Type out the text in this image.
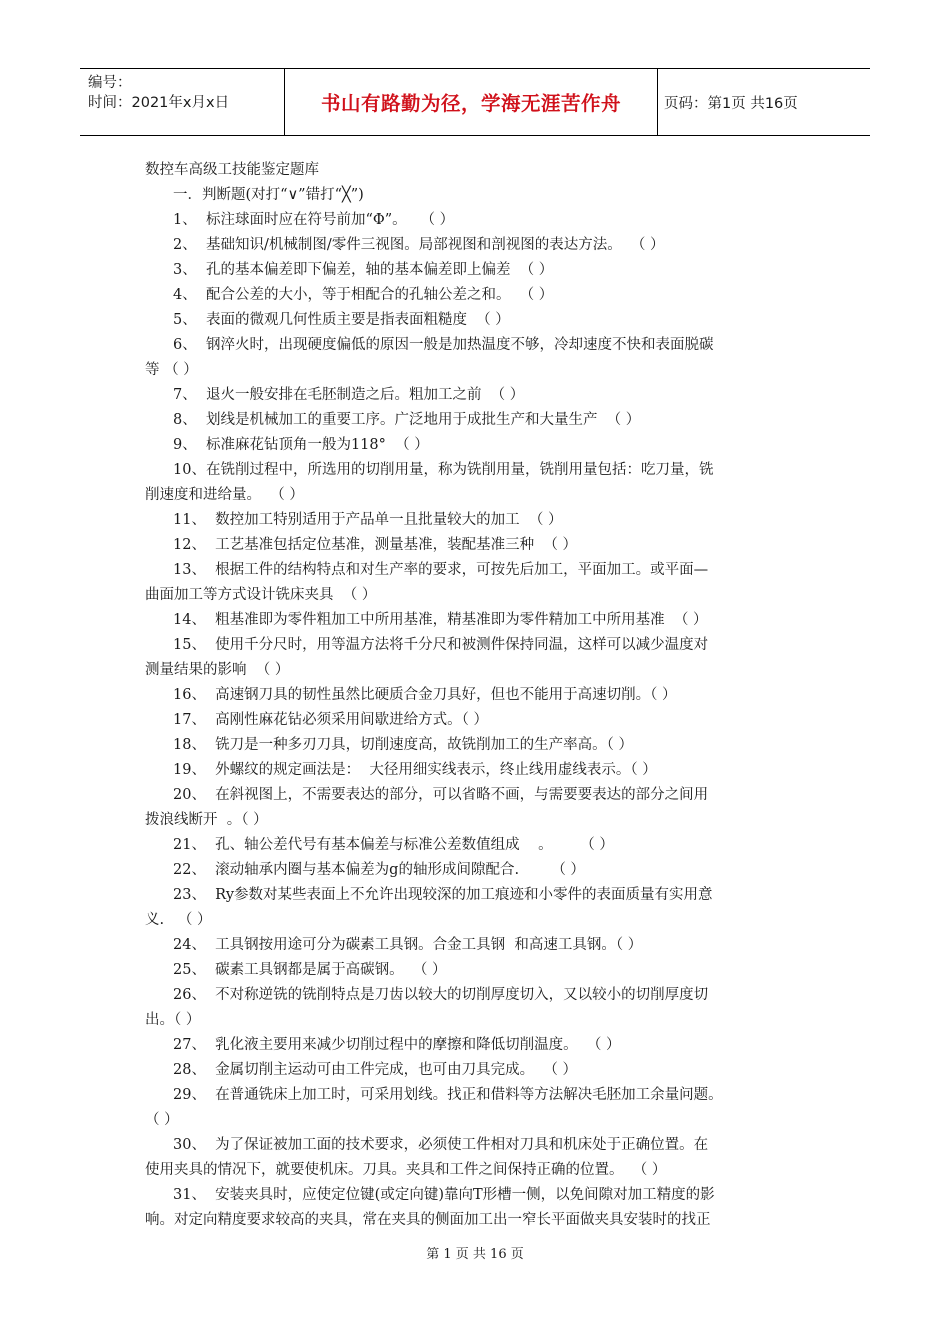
编号：
时间：2021年x月x日	书山有路勤为径，学海无涯苦作舟	页码：第1页 共16页
数控车高级工技能鉴定题库
一．判断题(对打“∨”错打“╳”)
1、  标注球面时应在符号前加“Φ”。   （ ）
2、  基础知识/机械制图/零件三视图。局部视图和剖视图的表达方法。  （ ）
3、  孔的基本偏差即下偏差，轴的基本偏差即上偏差  （ ）
4、  配合公差的大小，等于相配合的孔轴公差之和。  （ ）
5、  表面的微观几何性质主要是指表面粗糙度  （ ）
6、  钢淬火时，出现硬度偏低的原因一般是加热温度不够，冷却速度不快和表面脱碳
等 （ ）
7、  退火一般安排在毛胚制造之后。粗加工之前  （ ）
8、  划线是机械加工的重要工序。广泛地用于成批生产和大量生产  （ ）
9、  标准麻花钻顶角一般为118°  （ ）
10、在铣削过程中，所选用的切削用量，称为铣削用量，铣削用量包括：吃刀量，铣
削速度和进给量。  （ ）
11、  数控加工特别适用于产品单一且批量较大的加工  （ ）
12、  工艺基准包括定位基准，测量基准，装配基准三种  （ ）
13、  根据工件的结构特点和对生产率的要求，可按先后加工，平面加工。或平面—
曲面加工等方式设计铣床夹具  （ ）
14、  粗基准即为零件粗加工中所用基准，精基准即为零件精加工中所用基准  （ ）
15、  使用千分尺时，用等温方法将千分尺和被测件保持同温，这样可以减少温度对
测量结果的影响  （ ）
16、  高速钢刀具的韧性虽然比硬质合金刀具好，但也不能用于高速切削。（ ）
17、  高刚性麻花钻必须采用间歇进给方式。（ ）
18、  铣刀是一种多刃刀具，切削速度高，故铣削加工的生产率高。（ ）
19、  外螺纹的规定画法是：  大径用细实线表示，终止线用虚线表示。（ ）
20、  在斜视图上，不需要表达的部分，可以省略不画，与需要要表达的部分之间用
拨浪线断开  。（ ）
21、  孔、轴公差代号有基本偏差与标准公差数值组成    。      （ ）
22、  滚动轴承内圈与基本偏差为g的轴形成间隙配合.       （ ）
23、  Ry参数对某些表面上不允许出现较深的加工痕迹和小零件的表面质量有实用意
义.   （ ）
24、  工具钢按用途可分为碳素工具钢。合金工具钢  和高速工具钢。（ ）
25、  碳素工具钢都是属于高碳钢。  （ ）
26、  不对称逆铣的铣削特点是刀齿以较大的切削厚度切入，又以较小的切削厚度切
出。（ ）
27、  乳化液主要用来减少切削过程中的摩擦和降低切削温度。  （ ）
28、  金属切削主运动可由工件完成，也可由刀具完成。  （ ）
29、  在普通铣床上加工时，可采用划线。找正和借料等方法解决毛胚加工余量问题。
（ ）
30、  为了保证被加工面的技术要求，必须使工件相对刀具和机床处于正确位置。在
使用夹具的情况下，就要使机床。刀具。夹具和工件之间保持正确的位置。  （ ）
31、  安装夹具时，应使定位键(或定向键)靠向T形槽一侧，以免间隙对加工精度的影
响。对定向精度要求较高的夹具，常在夹具的侧面加工出一窄长平面做夹具安装时的找正
第 1 页 共 16 页
